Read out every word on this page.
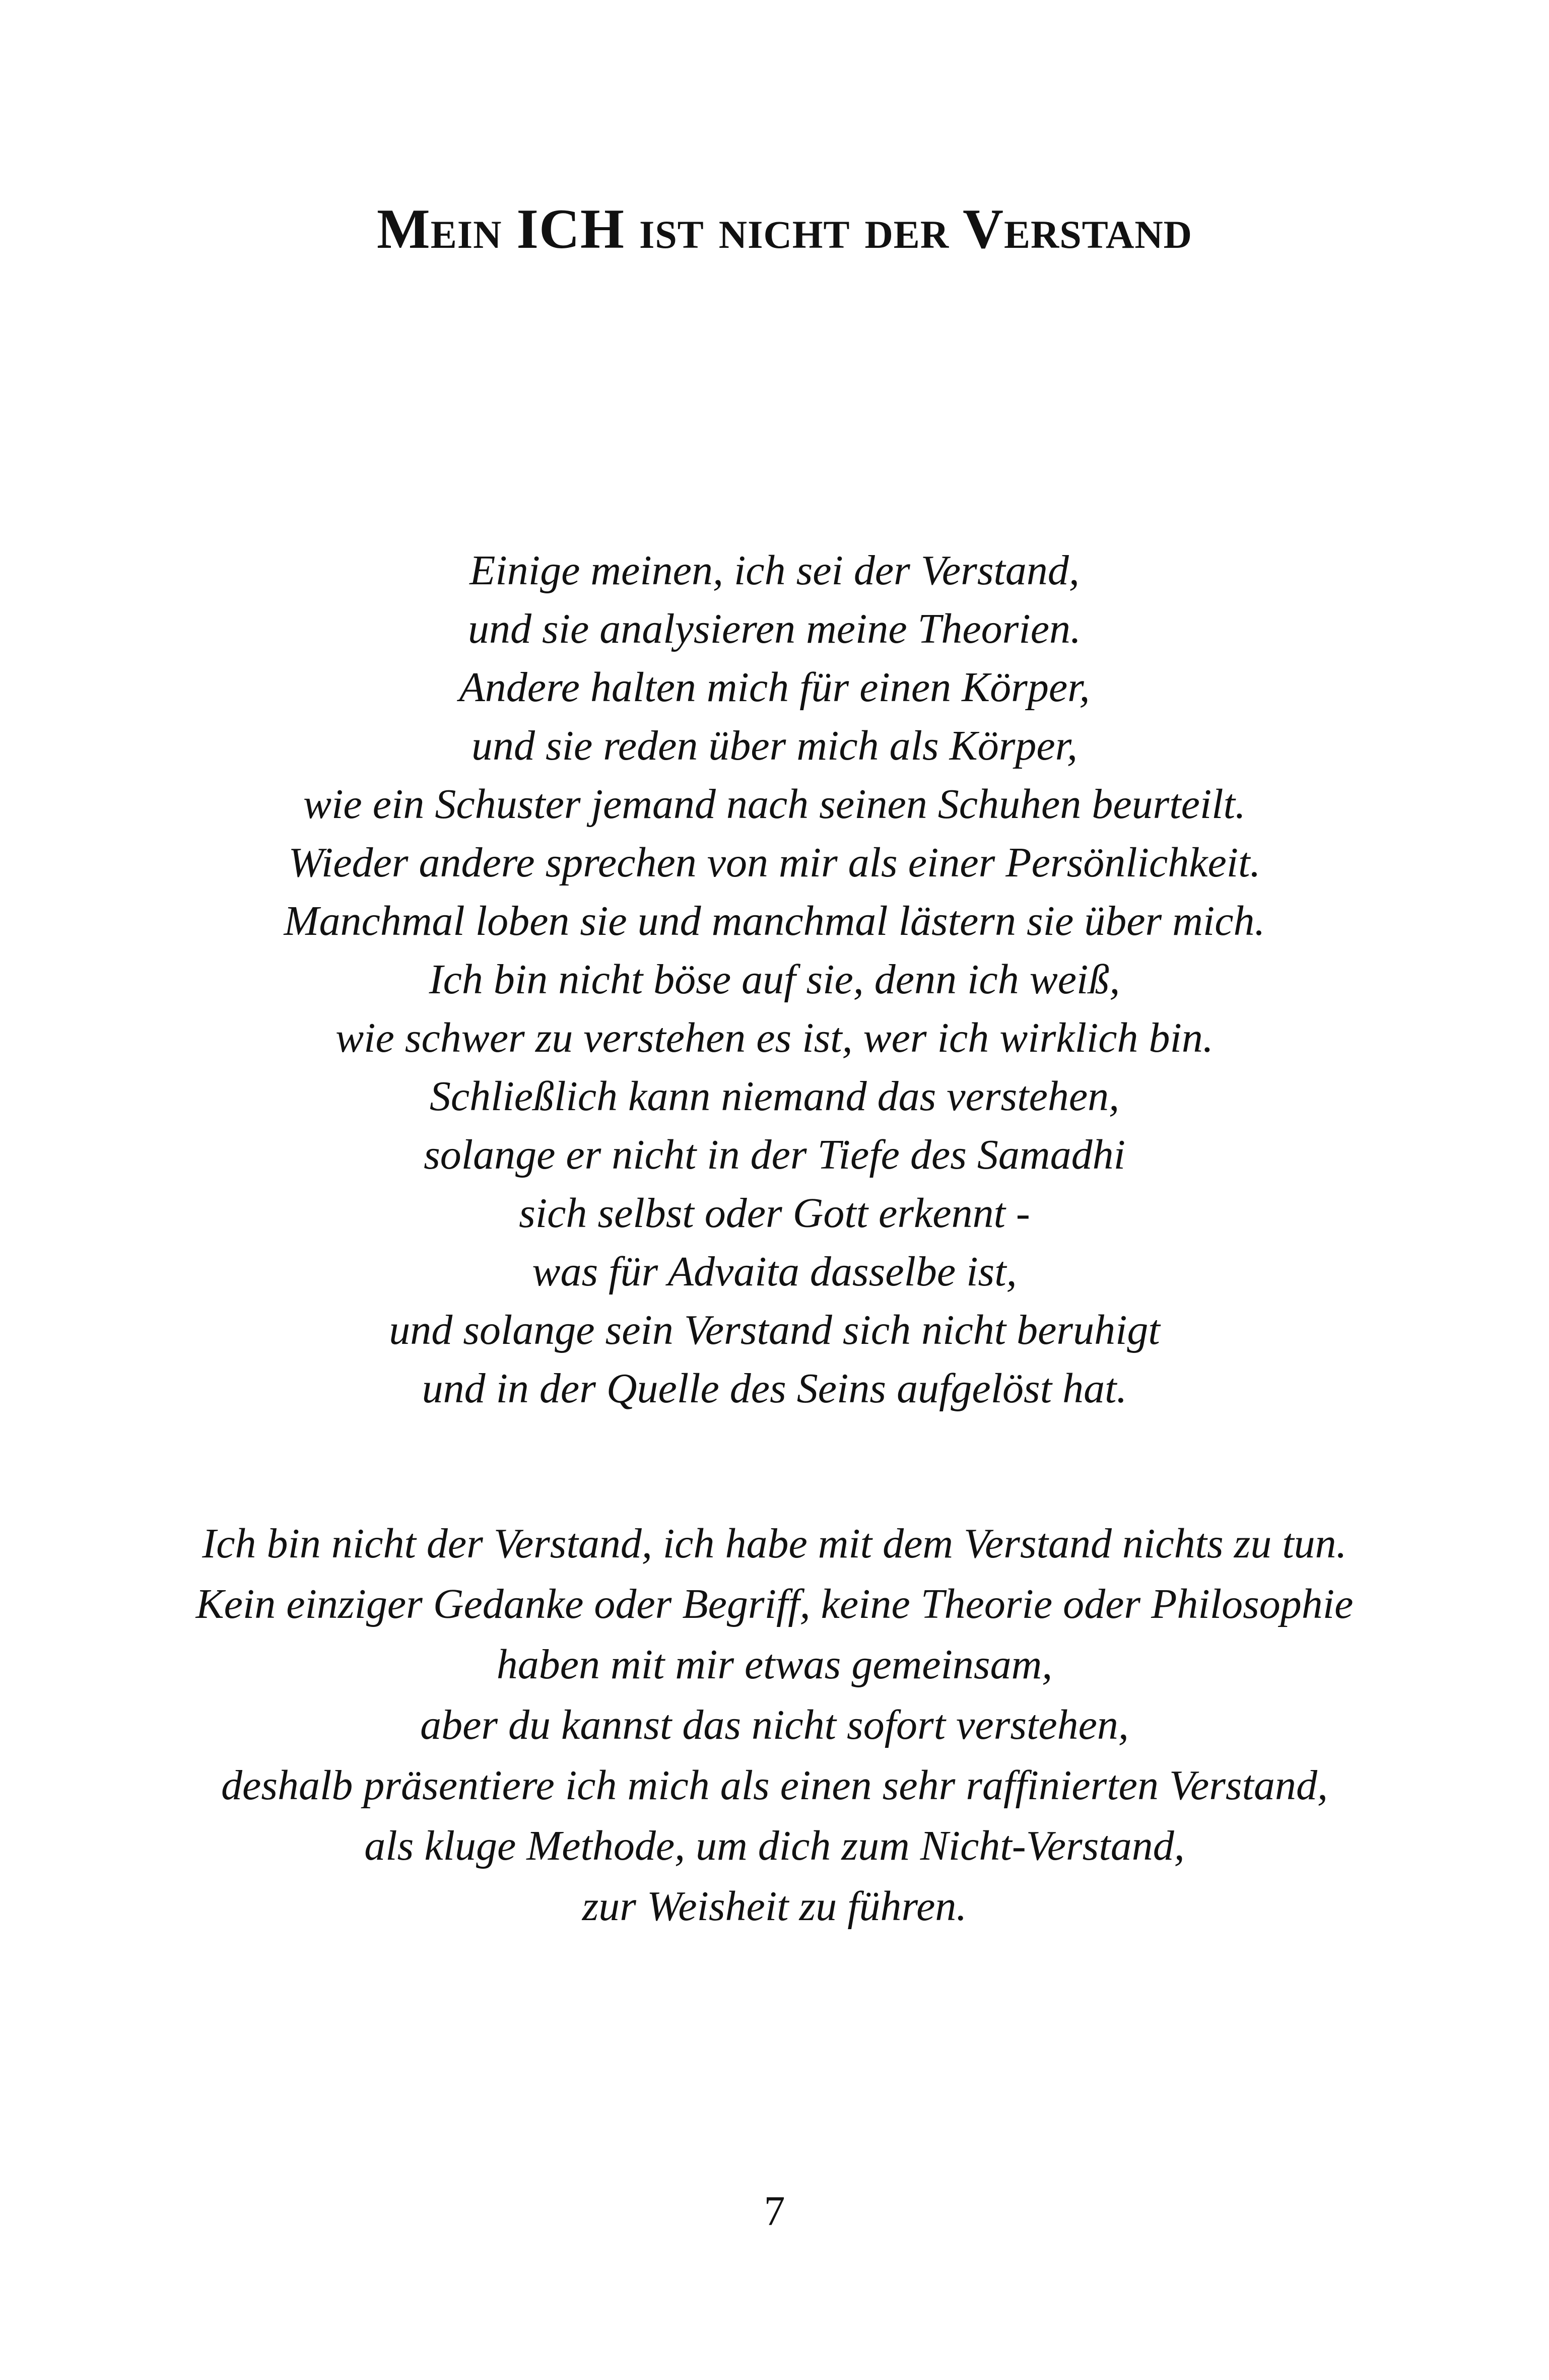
Mein ICH ist nicht der Verstand
Einige meinen, ich sei der Verstand,
und sie analysieren meine Theorien.
Andere halten mich für einen Körper,
und sie reden über mich als Körper,
wie ein Schuster jemand nach seinen Schuhen beurteilt.
Wieder andere sprechen von mir als einer Persönlichkeit.
Manchmal loben sie und manchmal lästern sie über mich.
Ich bin nicht böse auf sie, denn ich weiß,
wie schwer zu verstehen es ist, wer ich wirklich bin.
Schließlich kann niemand das verstehen,
solange er nicht in der Tiefe des Samadhi
sich selbst oder Gott erkennt -
was für Advaita dasselbe ist,
und solange sein Verstand sich nicht beruhigt
und in der Quelle des Seins aufgelöst hat.
Ich bin nicht der Verstand, ich habe mit dem Verstand nichts zu tun.
Kein einziger Gedanke oder Begriff, keine Theorie oder Philosophie
haben mit mir etwas gemeinsam,
aber du kannst das nicht sofort verstehen,
deshalb präsentiere ich mich als einen sehr raffinierten Verstand,
als kluge Methode, um dich zum Nicht-Verstand,
zur Weisheit zu führen.
7
